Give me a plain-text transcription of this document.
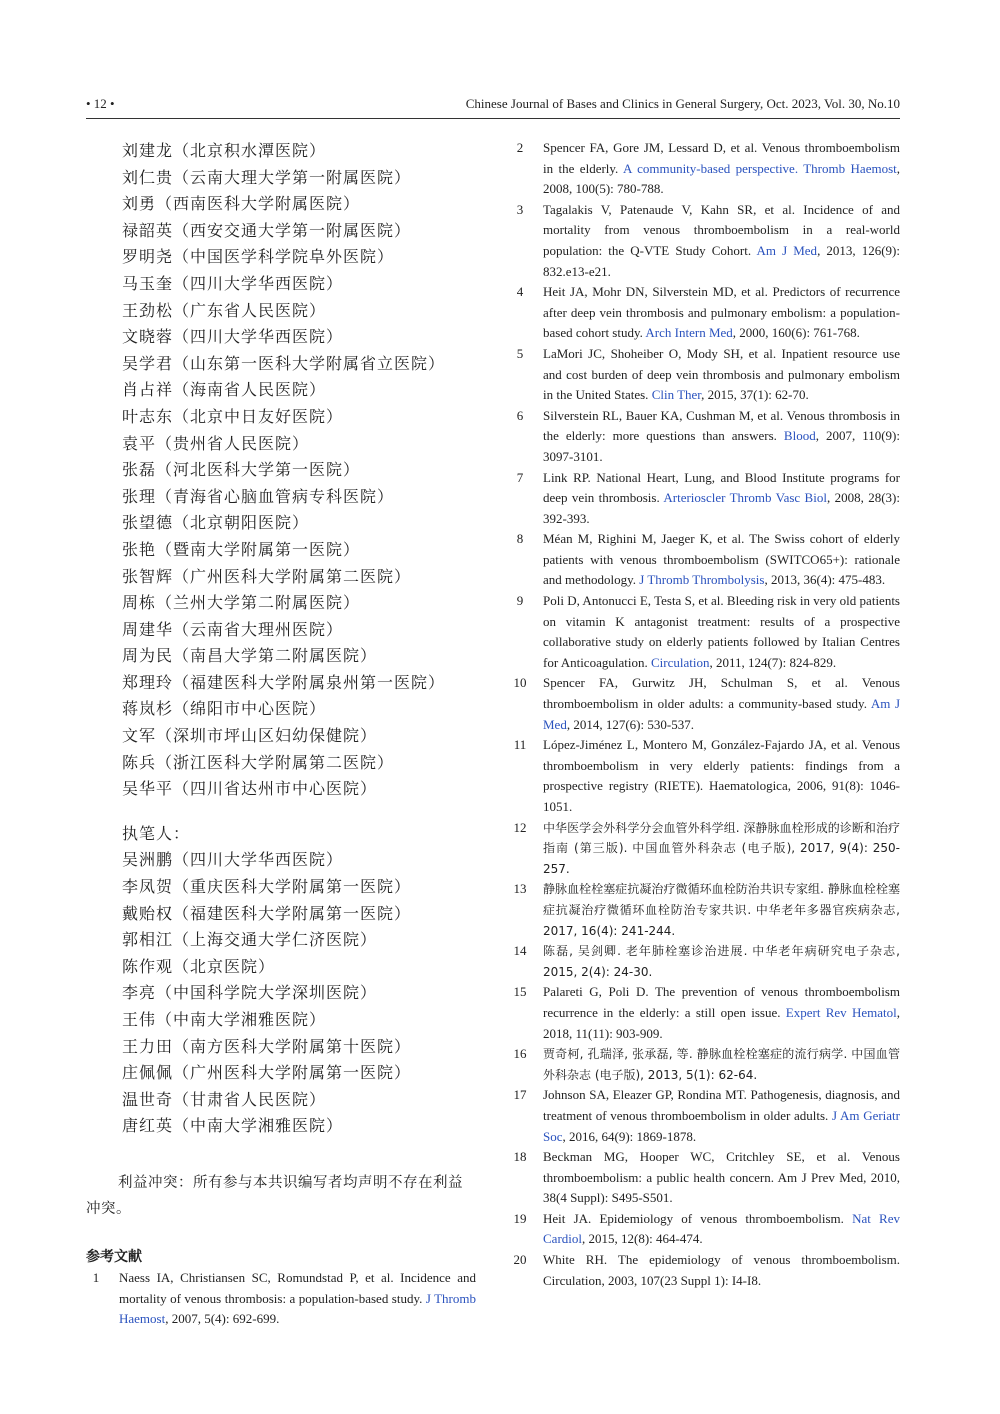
• 12 •	Chinese Journal of Bases and Clinics in General Surgery, Oct. 2023, Vol. 30, No.10
刘建龙（北京积水潭医院）
刘仁贵（云南大理大学第一附属医院）
刘勇（西南医科大学附属医院）
禄韶英（西安交通大学第一附属医院）
罗明尧（中国医学科学院阜外医院）
马玉奎（四川大学华西医院）
王劲松（广东省人民医院）
文晓蓉（四川大学华西医院）
吴学君（山东第一医科大学附属省立医院）
肖占祥（海南省人民医院）
叶志东（北京中日友好医院）
袁平（贵州省人民医院）
张磊（河北医科大学第一医院）
张理（青海省心脑血管病专科医院）
张望德（北京朝阳医院）
张艳（暨南大学附属第一医院）
张智辉（广州医科大学附属第二医院）
周栋（兰州大学第二附属医院）
周建华（云南省大理州医院）
周为民（南昌大学第二附属医院）
郑理玲（福建医科大学附属泉州第一医院）
蒋岚杉（绵阳市中心医院）
文军（深圳市坪山区妇幼保健院）
陈兵（浙江医科大学附属第二医院）
吴华平（四川省达州市中心医院）
执笔人：
吴洲鹏（四川大学华西医院）
李凤贺（重庆医科大学附属第一医院）
戴贻权（福建医科大学附属第一医院）
郭相江（上海交通大学仁济医院）
陈作观（北京医院）
李亮（中国科学院大学深圳医院）
王伟（中南大学湘雅医院）
王力田（南方医科大学附属第十医院）
庄佩佩（广州医科大学附属第一医院）
温世奇（甘肃省人民医院）
唐红英（中南大学湘雅医院）
利益冲突：所有参与本共识编写者均声明不存在利益冲突。
参考文献
1	Naess IA, Christiansen SC, Romundstad P, et al. Incidence and mortality of venous thrombosis: a population-based study. J Thromb Haemost, 2007, 5(4): 692-699.
2	Spencer FA, Gore JM, Lessard D, et al. Venous thromboembolism in the elderly. A community-based perspective. Thromb Haemost, 2008, 100(5): 780-788.
3	Tagalakis V, Patenaude V, Kahn SR, et al. Incidence of and mortality from venous thromboembolism in a real-world population: the Q-VTE Study Cohort. Am J Med, 2013, 126(9): 832.e13-e21.
4	Heit JA, Mohr DN, Silverstein MD, et al. Predictors of recurrence after deep vein thrombosis and pulmonary embolism: a population-based cohort study. Arch Intern Med, 2000, 160(6): 761-768.
5	LaMori JC, Shoheiber O, Mody SH, et al. Inpatient resource use and cost burden of deep vein thrombosis and pulmonary embolism in the United States. Clin Ther, 2015, 37(1): 62-70.
6	Silverstein RL, Bauer KA, Cushman M, et al. Venous thrombosis in the elderly: more questions than answers. Blood, 2007, 110(9): 3097-3101.
7	Link RP. National Heart, Lung, and Blood Institute programs for deep vein thrombosis. Arterioscler Thromb Vasc Biol, 2008, 28(3): 392-393.
8	Méan M, Righini M, Jaeger K, et al. The Swiss cohort of elderly patients with venous thromboembolism (SWITCO65+): rationale and methodology. J Thromb Thrombolysis, 2013, 36(4): 475-483.
9	Poli D, Antonucci E, Testa S, et al. Bleeding risk in very old patients on vitamin K antagonist treatment: results of a prospective collaborative study on elderly patients followed by Italian Centres for Anticoagulation. Circulation, 2011, 124(7): 824-829.
10 Spencer FA, Gurwitz JH, Schulman S, et al. Venous thromboembolism in older adults: a community-based study. Am J Med, 2014, 127(6): 530-537.
11 López-Jiménez L, Montero M, González-Fajardo JA, et al. Venous thromboembolism in very elderly patients: findings from a prospective registry (RIETE). Haematologica, 2006, 91(8): 1046-1051.
12 中华医学会外科学分会血管外科学组. 深静脉血栓形成的诊断和治疗指南 (第三版). 中国血管外科杂志 (电子版), 2017, 9(4): 250-257.
13 静脉血栓栓塞症抗凝治疗微循环血栓防治共识专家组. 静脉血栓栓塞症抗凝治疗微循环血栓防治专家共识. 中华老年多器官疾病杂志, 2017, 16(4): 241-244.
14 陈磊, 吴剑卿. 老年肺栓塞诊治进展. 中华老年病研究电子杂志, 2015, 2(4): 24-30.
15 Palareti G, Poli D. The prevention of venous thromboembolism recurrence in the elderly: a still open issue. Expert Rev Hematol, 2018, 11(11): 903-909.
16 贾奇柯, 孔瑞泽, 张承磊, 等. 静脉血栓栓塞症的流行病学. 中国血管外科杂志 (电子版), 2013, 5(1): 62-64.
17 Johnson SA, Eleazer GP, Rondina MT. Pathogenesis, diagnosis, and treatment of venous thromboembolism in older adults. J Am Geriatr Soc, 2016, 64(9): 1869-1878.
18 Beckman MG, Hooper WC, Critchley SE, et al. Venous thromboembolism: a public health concern. Am J Prev Med, 2010, 38(4 Suppl): S495-S501.
19 Heit JA. Epidemiology of venous thromboembolism. Nat Rev Cardiol, 2015, 12(8): 464-474.
20 White RH. The epidemiology of venous thromboembolism. Circulation, 2003, 107(23 Suppl 1): I4-I8.
